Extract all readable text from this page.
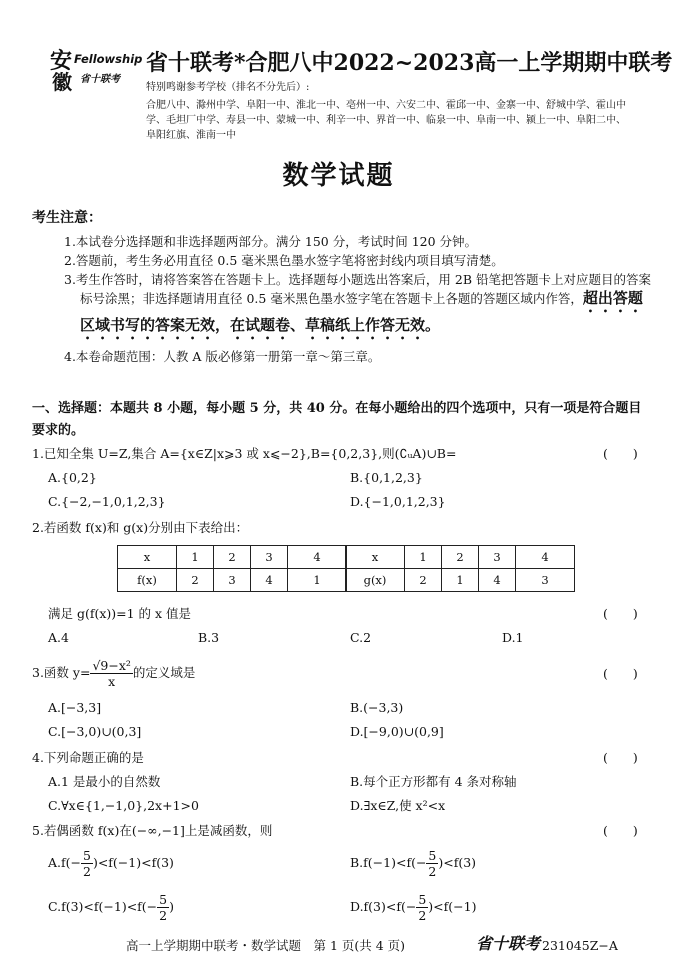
安
徽
Fellowship
省十联考
省十联考*合肥八中2022~2023高一上学期期中联考
特别鸣谢参考学校（排名不分先后）:
合肥八中、滁州中学、阜阳一中、淮北一中、亳州一中、六安二中、霍邱一中、金寨一中、舒城中学、霍山中学、毛坦厂中学、寿县一中、蒙城一中、利辛一中、界首一中、临泉一中、阜南一中、颍上一中、阜阳二中、阜阳红旗、淮南一中
数学试题
考生注意：
1.本试卷分选择题和非选择题两部分。满分 150 分，考试时间 120 分钟。
2.答题前，考生务必用直径 0.5 毫米黑色墨水签字笔将密封线内项目填写清楚。
3.考生作答时，请将答案答在答题卡上。选择题每小题选出答案后，用 2B 铅笔把答题卡上对应题目的答案标号涂黑；非选择题请用直径 0.5 毫米黑色墨水签字笔在答题卡上各题的答题区域内作答，超出答题区域书写的答案无效，在试题卷、草稿纸上作答无效。
4.本卷命题范围：人教 A 版必修第一册第一章～第三章。
一、选择题：本题共 8 小题，每小题 5 分，共 40 分。在每小题给出的四个选项中，只有一项是符合题目要求的。
1.已知全集 U=Z,集合 A={x∈Z|x⩾3 或 x⩽−2},B={0,2,3},则(∁ᵤA)∪B=	(　　)
A.{0,2}	B.{0,1,2,3}
C.{−2,−1,0,1,2,3}	D.{−1,0,1,2,3}
2.若函数 f(x)和 g(x)分别由下表给出：
x	1	2	3	4
f(x)	2	3	4	1
x	1	2	3	4
g(x)	2	1	4	3
满足 g(f(x))=1 的 x 值是	(　　)
A.4	B.3	C.2	D.1
3.函数 $y= \frac{\text{√9−x²}}{x}$ 的定义域是	(　　)
A.[−3,3]	B.(−3,3)
C.[−3,0)∪(0,3]	D.[−9,0)∪(0,9]
4.下列命题正确的是	(　　)
A.1 是最小的自然数	B.每个正方形都有 4 条对称轴
C.∀x∈{1,−1,0},2x+1>0	D.∃x∈Z,使 x²<x
5.若偶函数 f(x)在(−∞,−1]上是减函数，则	(　　)
$A.f(- \frac{5}{2} )<f(-1)<f(3)$	$B.f(-1)<f(- \frac{5}{2} )<f(3)$
$C.f(3)<f(-1)<f(- \frac{5}{2}$ )	$D.f(3)<f(- \frac{5}{2} )<f(-1)$
高一上学期期中联考・数学试题　第 1 页(共 4 页)	省十联考 231045Z−A
